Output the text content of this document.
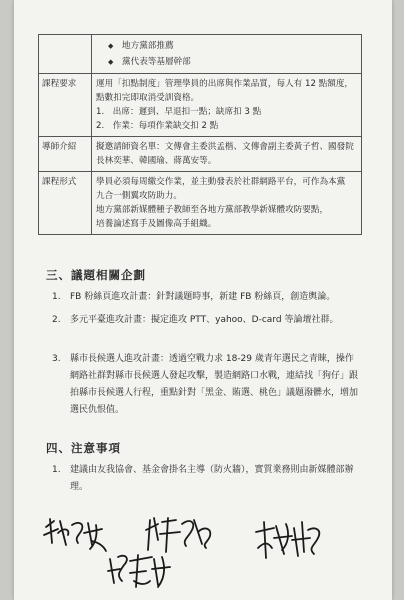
	◆ 地方黨部推薦
◆ 黨代表等基層幹部

課程要求	運用「扣點制度」管理學員的出席與作業品質，每人有 12 點額度，
點數扣完即取消受訓資格。
1.　出席：遲到、早退扣一點；缺席扣 3 點
2.　作業：每項作業缺交扣 2 點

導師介紹	擬邀請師資名單：文傳會主委洪孟楷、文傳會副主委黃子哲、國發院
長林奕華、韓國瑜、蔣萬安等。

課程形式	學員必須每周繳交作業，並主動發表於社群網路平台，可作為本黨
九合一側翼攻防助力。
地方黨部新媒體種子教師至各地方黨部教學新媒體攻防要點，
培養論述寫手及圖像高手組織。
三、議題相關企劃
1.	FB 粉絲頁進攻計畫：針對議題時事，新建 FB 粉絲頁，創造輿論。
2.	多元平臺進攻計畫：擬定進攻 PTT、yahoo、D-card 等論壇社群。
3.	縣市長候選人進攻計畫：透過空戰力求 18-29 歲青年選民之青睞，操作網路社群對縣市長候選人發起攻擊，製造網路口水戰，連結找「狗仔」跟拍縣市長候選人行程，重點針對「黑金、賄選、桃色」議題潑髒水，增加選民仇恨值。
四、注意事項
1.	建議由友我協會、基金會掛名主導（防火牆），實質業務則由新媒體部辦理。
